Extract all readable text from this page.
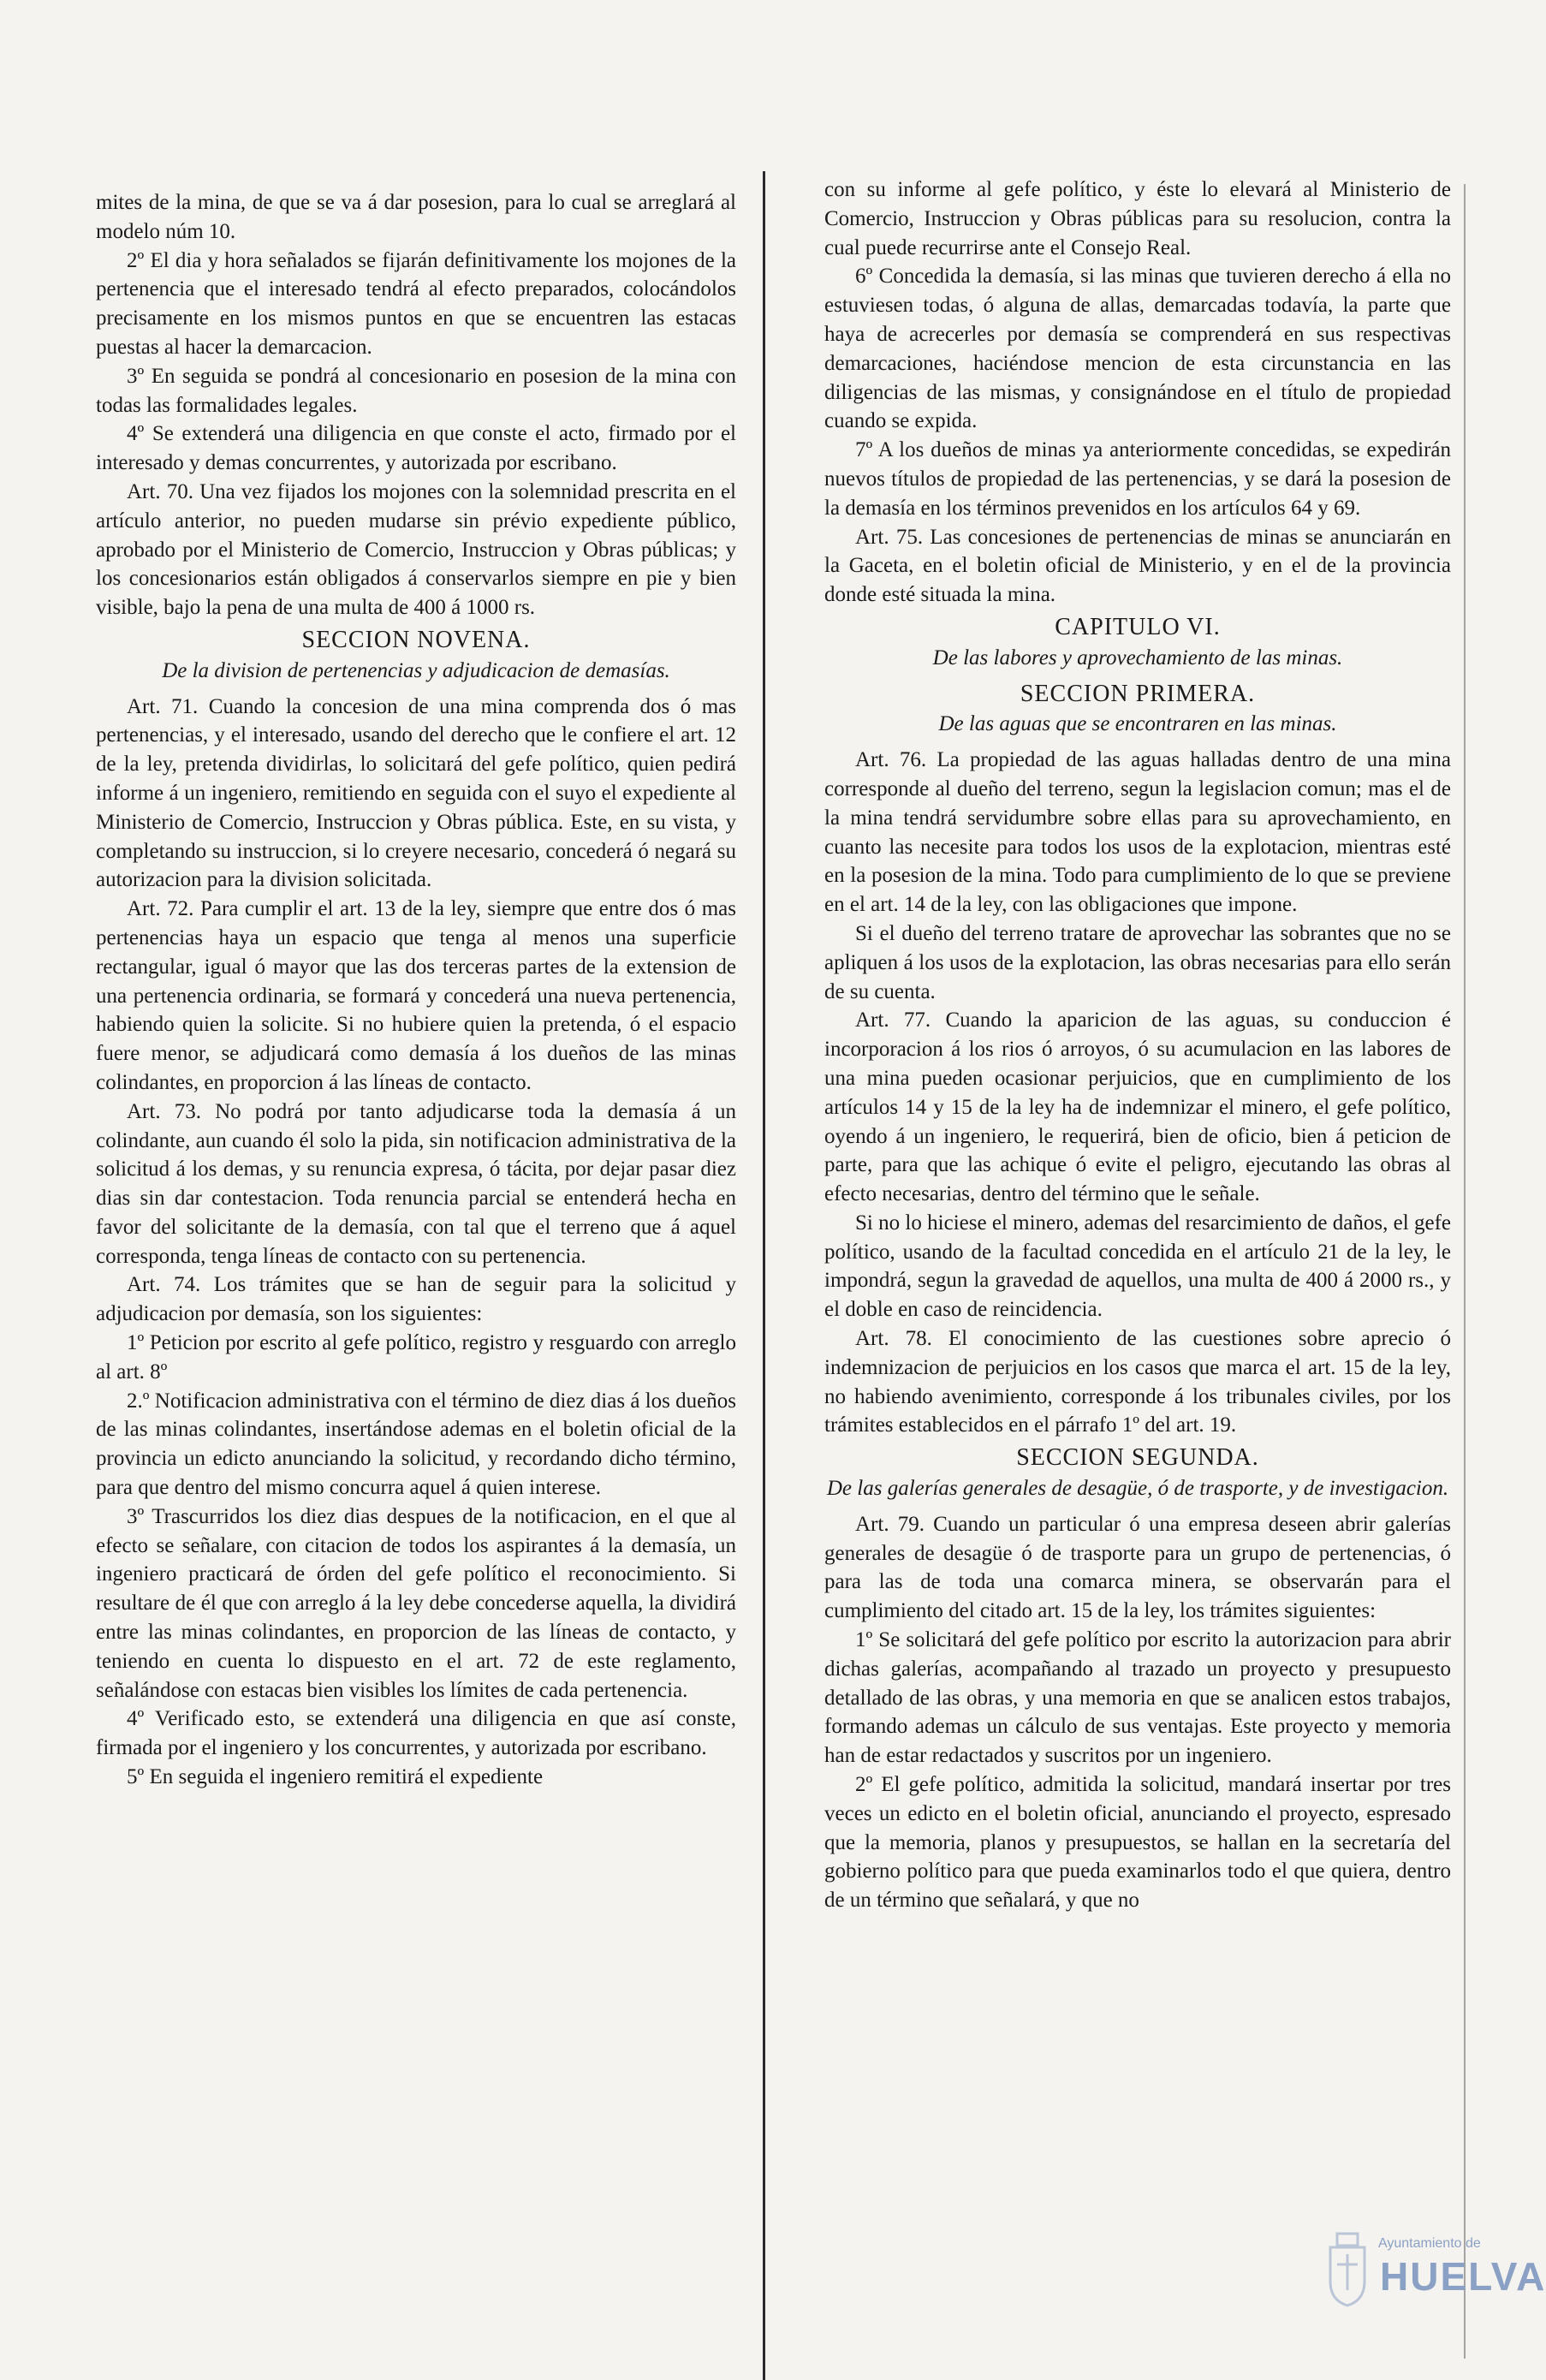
mites de la mina, de que se va á dar posesion, para lo cual se arreglará al modelo núm 10.

2º El dia y hora señalados se fijarán definitivamente los mojones de la pertenencia que el interesado tendrá al efecto preparados, colocándolos precisamente en los mismos puntos en que se encuentren las estacas puestas al hacer la demarcacion.

3º En seguida se pondrá al concesionario en posesion de la mina con todas las formalidades legales.

4º Se extenderá una diligencia en que conste el acto, firmado por el interesado y demas concurrentes, y autorizada por escribano.

Art. 70. Una vez fijados los mojones con la solemnidad prescrita en el artículo anterior, no pueden mudarse sin prévio expediente público, aprobado por el Ministerio de Comercio, Instruccion y Obras públicas; y los concesionarios están obligados á conservarlos siempre en pie y bien visible, bajo la pena de una multa de 400 á 1000 rs.

SECCION NOVENA.
De la division de pertenencias y adjudicacion de demasías.

Art. 71. Cuando la concesion de una mina comprenda dos ó mas pertenencias, y el interesado, usando del derecho que le confiere el art. 12 de la ley, pretenda dividirlas, lo solicitará del gefe político, quien pedirá informe á un ingeniero, remitiendo en seguida con el suyo el expediente al Ministerio de Comercio, Instruccion y Obras pública. Este, en su vista, y completando su instruccion, si lo creyere necesario, concederá ó negará su autorizacion para la division solicitada.

Art. 72. Para cumplir el art. 13 de la ley, siempre que entre dos ó mas pertenencias haya un espacio que tenga al menos una superficie rectangular, igual ó mayor que las dos terceras partes de la extension de una pertenencia ordinaria, se formará y concederá una nueva pertenencia, habiendo quien la solicite. Si no hubiere quien la pretenda, ó el espacio fuere menor, se adjudicará como demasía á los dueños de las minas colindantes, en proporcion á las líneas de contacto.

Art. 73. No podrá por tanto adjudicarse toda la demasía á un colindante, aun cuando él solo la pida, sin notificacion administrativa de la solicitud á los demas, y su renuncia expresa, ó tácita, por dejar pasar diez dias sin dar contestacion. Toda renuncia parcial se entenderá hecha en favor del solicitante de la demasía, con tal que el terreno que á aquel corresponda, tenga líneas de contacto con su pertenencia.

Art. 74. Los trámites que se han de seguir para la solicitud y adjudicacion por demasía, son los siguientes:

1º Peticion por escrito al gefe político, registro y resguardo con arreglo al art. 8º

2.º Notificacion administrativa con el término de diez dias á los dueños de las minas colindantes, insertándose ademas en el boletin oficial de la provincia un edicto anunciando la solicitud, y recordando dicho término, para que dentro del mismo concurra aquel á quien interese.

3º Trascurridos los diez dias despues de la notificacion, en el que al efecto se señalare, con citacion de todos los aspirantes á la demasía, un ingeniero practicará de órden del gefe político el reconocimiento. Si resultare de él que con arreglo á la ley debe concederse aquella, la dividirá entre las minas colindantes, en proporcion de las líneas de contacto, y teniendo en cuenta lo dispuesto en el art. 72 de este reglamento, señalándose con estacas bien visibles los límites de cada pertenencia.

4º Verificado esto, se extenderá una diligencia en que así conste, firmada por el ingeniero y los concurrentes, y autorizada por escribano.

5º En seguida el ingeniero remitirá el expediente

con su informe al gefe político, y éste lo elevará al Ministerio de Comercio, Instruccion y Obras públicas para su resolucion, contra la cual puede recurrirse ante el Consejo Real.

6º Concedida la demasía, si las minas que tuvieren derecho á ella no estuviesen todas, ó alguna de allas, demarcadas todavía, la parte que haya de acrecerles por demasía se comprenderá en sus respectivas demarcaciones, haciéndose mencion de esta circunstancia en las diligencias de las mismas, y consignándose en el título de propiedad cuando se expida.

7º A los dueños de minas ya anteriormente concedidas, se expedirán nuevos títulos de propiedad de las pertenencias, y se dará la posesion de la demasía en los términos prevenidos en los artículos 64 y 69.

Art. 75. Las concesiones de pertenencias de minas se anunciarán en la Gaceta, en el boletin oficial de Ministerio, y en el de la provincia donde esté situada la mina.

CAPITULO VI.
De las labores y aprovechamiento de las minas.
SECCION PRIMERA.
De las aguas que se encontraren en las minas.

Art. 76. La propiedad de las aguas halladas dentro de una mina corresponde al dueño del terreno, segun la legislacion comun; mas el de la mina tendrá servidumbre sobre ellas para su aprovechamiento, en cuanto las necesite para todos los usos de la explotacion, mientras esté en la posesion de la mina. Todo para cumplimiento de lo que se previene en el art. 14 de la ley, con las obligaciones que impone.

Si el dueño del terreno tratare de aprovechar las sobrantes que no se apliquen á los usos de la explotacion, las obras necesarias para ello serán de su cuenta.

Art. 77. Cuando la aparicion de las aguas, su conduccion é incorporacion á los rios ó arroyos, ó su acumulacion en las labores de una mina pueden ocasionar perjuicios, que en cumplimiento de los artículos 14 y 15 de la ley ha de indemnizar el minero, el gefe político, oyendo á un ingeniero, le requerirá, bien de oficio, bien á peticion de parte, para que las achique ó evite el peligro, ejecutando las obras al efecto necesarias, dentro del término que le señale.

Si no lo hiciese el minero, ademas del resarcimiento de daños, el gefe político, usando de la facultad concedida en el artículo 21 de la ley, le impondrá, segun la gravedad de aquellos, una multa de 400 á 2000 rs., y el doble en caso de reincidencia.

Art. 78. El conocimiento de las cuestiones sobre aprecio ó indemnizacion de perjuicios en los casos que marca el art. 15 de la ley, no habiendo avenimiento, corresponde á los tribunales civiles, por los trámites establecidos en el párrafo 1º del art. 19.

SECCION SEGUNDA.
De las galerías generales de desagüe, ó de trasporte, y de investigacion.

Art. 79. Cuando un particular ó una empresa deseen abrir galerías generales de desagüe ó de trasporte para un grupo de pertenencias, ó para las de toda una comarca minera, se observarán para el cumplimiento del citado art. 15 de la ley, los trámites siguientes:

1º Se solicitará del gefe político por escrito la autorizacion para abrir dichas galerías, acompañando al trazado un proyecto y presupuesto detallado de las obras, y una memoria en que se analicen estos trabajos, formando ademas un cálculo de sus ventajas. Este proyecto y memoria han de estar redactados y suscritos por un ingeniero.

2º El gefe político, admitida la solicitud, mandará insertar por tres veces un edicto en el boletin oficial, anunciando el proyecto, espresado que la memoria, planos y presupuestos, se hallan en la secretaría del gobierno político para que pueda examinarlos todo el que quiera, dentro de un término que señalará, y que no

Ayuntamiento de
HUELVA
